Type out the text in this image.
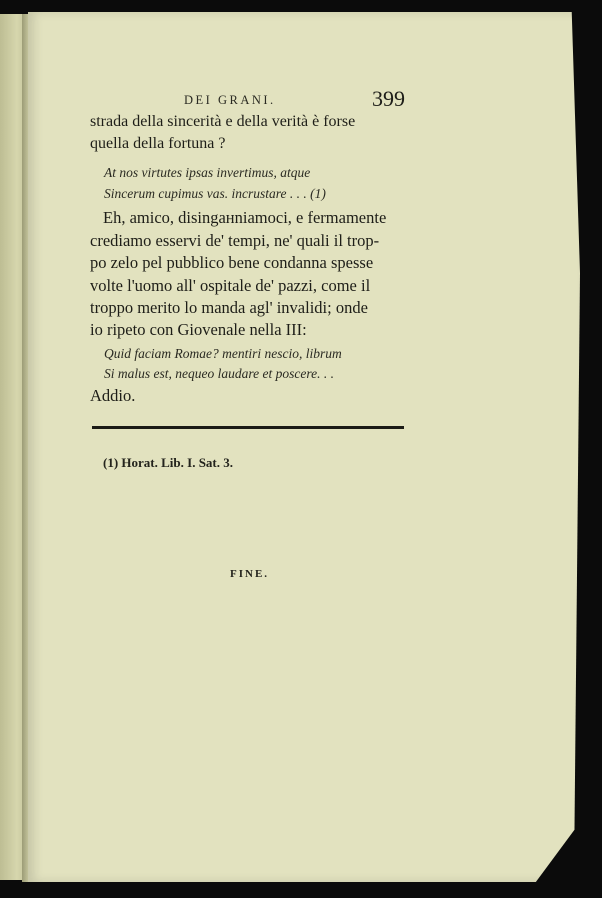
DEI GRANI.	399
strada della sincerità e della verità è forse
quella della fortuna ?
At nos virtutes ipsas invertimus, atque
Sincerum cupimus vas. incrustare . . . (1)
Eh, amico, disingанniamoci, e fermamente
crediamo esservi de' tempi, ne' quali il trop-
po zelo pel pubblico bene condanna spesse
volte l'uomo all' ospitale de' pazzi, come il
troppo merito lo manda agl' invalidi; onde
io ripeto con Giovenale nella III:
Quid faciam Romae? mentiri nescio, librum
Si malus est, nequeo laudare et poscere. . .
Addio.
(1) Horat. Lib. I. Sat. 3.
FINE.
